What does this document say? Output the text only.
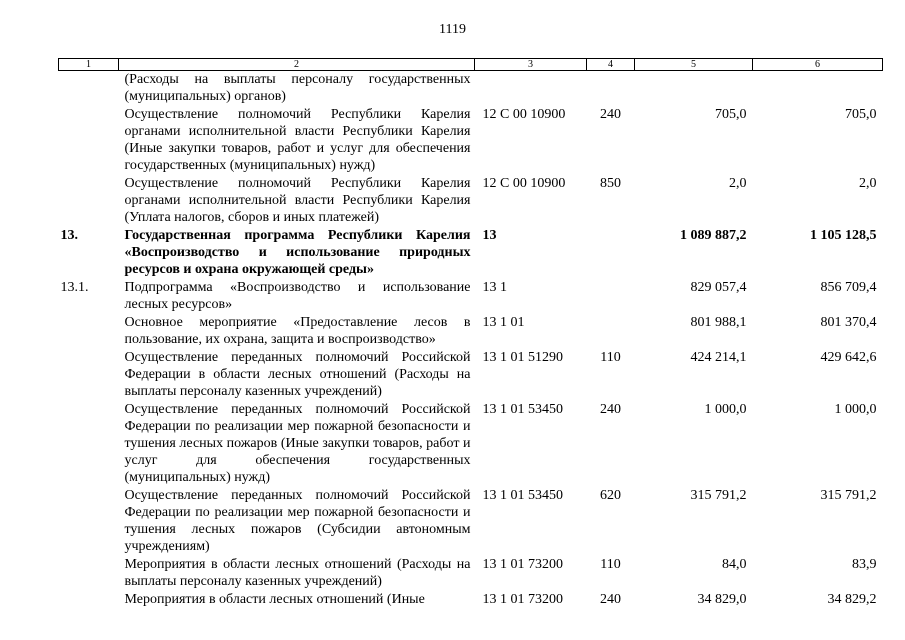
1119
1	2	3	4	5	6
	(Расходы на выплаты персоналу государственных (муниципальных) органов)				
	Осуществление полномочий Республики Карелия органами исполнительной власти Республики Карелия (Иные закупки товаров, работ и услуг для обеспечения государственных (муниципальных) нужд)	12 С 00 10900	240	705,0	705,0
	Осуществление полномочий Республики Карелия органами исполнительной власти Республики Карелия (Уплата налогов, сборов и иных платежей)	12 С 00 10900	850	2,0	2,0
13.	Государственная программа Республики Карелия «Воспроизводство и использование природных ресурсов и охрана окружающей среды»	13		1 089 887,2	1 105 128,5
13.1.	Подпрограмма «Воспроизводство и использование лесных ресурсов»	13 1		829 057,4	856 709,4
	Основное мероприятие «Предоставление лесов в пользование, их охрана, защита и воспроизводство»	13 1 01		801 988,1	801 370,4
	Осуществление переданных полномочий Российской Федерации в области лесных отношений (Расходы на выплаты персоналу казенных учреждений)	13 1 01 51290	110	424 214,1	429 642,6
	Осуществление переданных полномочий Российской Федерации по реализации мер пожарной безопасности и тушения лесных пожаров (Иные закупки товаров, работ и услуг для обеспечения государственных (муниципальных) нужд)	13 1 01 53450	240	1 000,0	1 000,0
	Осуществление переданных полномочий Российской Федерации по реализации мер пожарной безопасности и тушения лесных пожаров (Субсидии автономным учреждениям)	13 1 01 53450	620	315 791,2	315 791,2
	Мероприятия в области лесных отношений (Расходы на выплаты персоналу казенных учреждений)	13 1 01 73200	110	84,0	83,9
	Мероприятия в области лесных отношений (Иные	13 1 01 73200	240	34 829,0	34 829,2
